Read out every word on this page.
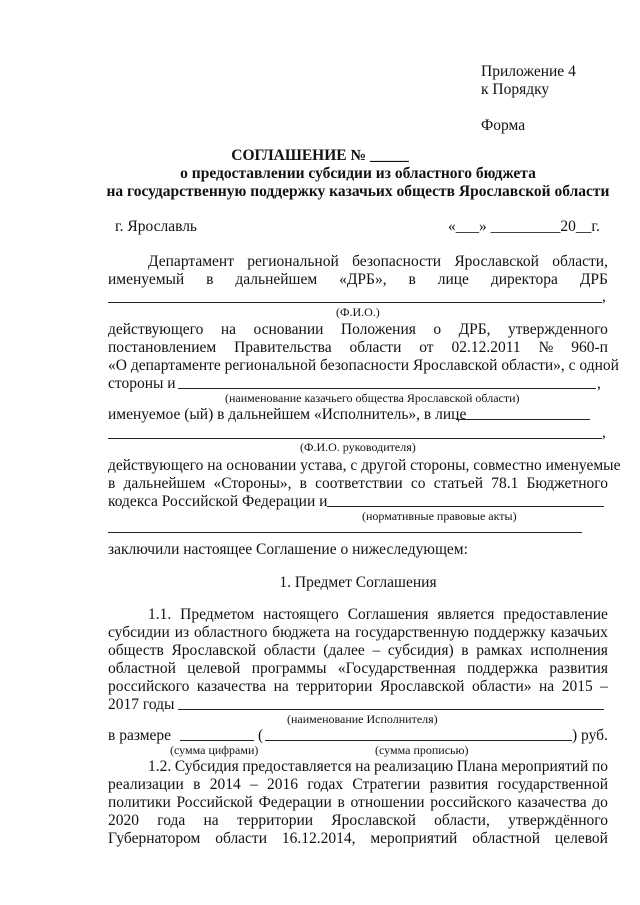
Приложение 4
к Порядку
Форма
СОГЛАШЕНИЕ № _____
о предоставлении субсидии из областного бюджета
на государственную поддержку казачьих обществ Ярославской области
г. Ярославль	«___» _________20__г.
Департамент региональной безопасности Ярославской области,
именуемый в дальнейшем «ДРБ», в лице директора ДРБ
,
(Ф.И.О.)
действующего на основании Положения о ДРБ, утвержденного
постановлением Правительства области от 02.12.2011 № 960-п
«О департаменте региональной безопасности Ярославской области», с одной
стороны и	,
(наименование казачьего общества Ярославской области)
именуемое (ый) в дальнейшем «Исполнитель», в лице
,
(Ф.И.О. руководителя)
действующего на основании устава, с другой стороны, совместно именуемые
в дальнейшем «Стороны», в соответствии со статьей 78.1 Бюджетного
кодекса Российской Федерации и
(нормативные правовые акты)
заключили настоящее Соглашение о нижеследующем:
1. Предмет Соглашения
1.1. Предметом настоящего Соглашения является предоставление
субсидии из областного бюджета на государственную поддержку казачьих
обществ Ярославской области (далее – субсидия) в рамках исполнения
областной целевой программы «Государственная поддержка развития
российского казачества на территории Ярославской области» на 2015 –
2017 годы
(наименование Исполнителя)
в размере	(	) руб.
(сумма цифрами)	(сумма прописью)
1.2. Субсидия предоставляется на реализацию Плана мероприятий по
реализации в 2014 – 2016 годах Стратегии развития государственной
политики Российской Федерации в отношении российского казачества до
2020 года на территории Ярославской области, утверждённого
Губернатором области 16.12.2014, мероприятий областной целевой
